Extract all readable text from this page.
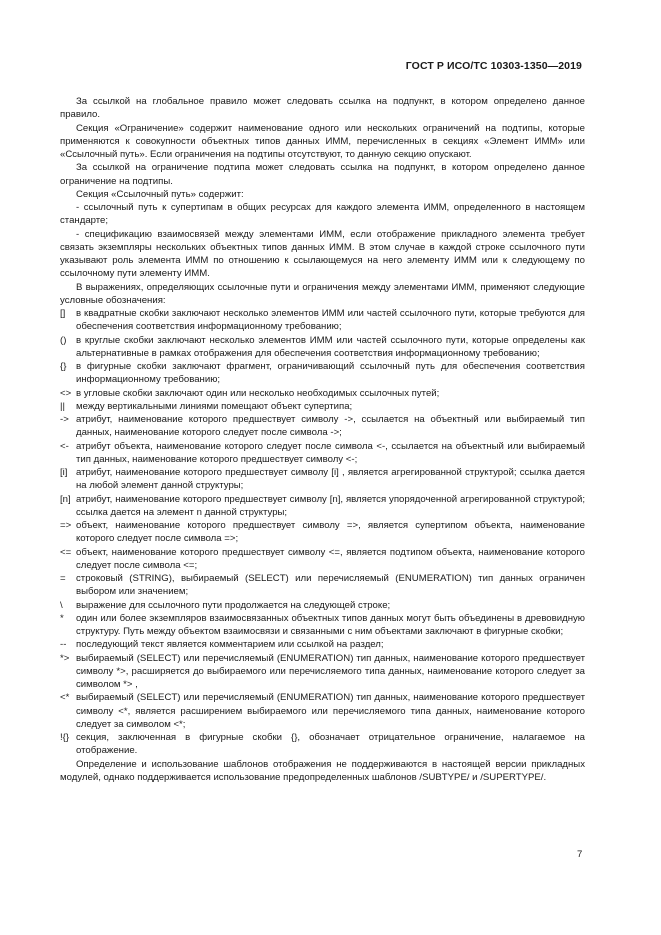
ГОСТ Р ИСО/ТС 10303-1350—2019

За ссылкой на глобальное правило может следовать ссылка на подпункт, в котором определено данное правило.

Секция «Ограничение» содержит наименование одного или нескольких ограничений на подтипы, которые применяются к совокупности объектных типов данных ИММ, перечисленных в секциях «Элемент ИММ» или «Cсылочный путь». Если ограничения на подтипы отсутствуют, то данную секцию опускают.

За ссылкой на ограничение подтипа может следовать ссылка на подпункт, в котором определено данное ограничение на подтипы.

Секция «Ссылочный путь» содержит:

- ссылочный путь к супертипам в общих ресурсах для каждого элемента ИММ, определенного в настоящем стандарте;
- спецификацию взаимосвязей между элементами ИММ, если отображение прикладного элемента требует связать экземпляры нескольких объектных типов данных ИММ. В этом случае в каждой строке ссылочного пути указывают роль элемента ИММ по отношению к ссылающемуся на него элементу ИММ или к следующему по ссылочному пути элементу ИММ.

В выражениях, определяющих ссылочные пути и ограничения между элементами ИММ, применяют следующие условные обозначения:

[]	в квадратные скобки заключают несколько элементов ИММ или частей ссылочного пути, которые требуются для обеспечения соответствия информационному требованию;
()	в круглые скобки заключают несколько элементов ИММ или частей ссылочного пути, которые определены как альтернативные в рамках отображения для обеспечения соответствия информационному требованию;
{} в фигурные скобки заключают фрагмент, ограничивающий ссылочный путь для обеспечения соответствия информационному требованию;
<> в угловые скобки заключают один или несколько необходимых ссылочных путей;
||	между вертикальными линиями помещают объект супертипа;
-> атрибут, наименование которого предшествует символу ->, ссылается на объектный или выбираемый тип данных, наименование которого следует после символа ->;
<- атрибут объекта, наименование которого следует после символа <-, ссылается на объектный или выбираемый тип данных, наименование которого предшествует символу <-;
[i] атрибут, наименование которого предшествует символу [i] , является агрегированной структурой; ссылка дается на любой элемент данной структуры;
[n] атрибут, наименование которого предшествует символу [n], является упорядоченной агрегированной структурой; ссылка дается на элемент n данной структуры;
=> объект, наименование которого предшествует символу =>, является супертипом объекта, наименование которого следует после символа =>;
<= объект, наименование которого предшествует символу <=, является подтипом объекта, наименование которого следует после символа <=;
=	строковый (STRING), выбираемый (SELECT) или перечисляемый (ENUMERATION) тип данных ограничен выбором или значением;
\	выражение для ссылочного пути продолжается на следующей строке;
*	один или более экземпляров взаимосвязанных объектных типов данных могут быть объединены в древовидную структуру. Путь между объектом взаимосвязи и связанными с ним объектами заключают в фигурные скобки;
--	последующий текст является комментарием или ссылкой на раздел;
*> выбираемый (SELECT) или перечисляемый (ENUMERATION) тип данных, наименование которого предшествует символу *>, расширяется до выбираемого или перечисляемого типа данных, наименование которого следует за символом *> ,
<* выбираемый (SELECT) или перечисляемый (ENUMERATION) тип данных, наименование которого предшествует символу <*, является расширением выбираемого или перечисляемого типа данных, наименование которого следует за символом <*;
!{} секция, заключенная в фигурные скобки {}, обозначает отрицательное ограничение, налагаемое на отображение.

Определение и использование шаблонов отображения не поддерживаются в настоящей версии прикладных модулей, однако поддерживается использование предопределенных шаблонов /SUBTYPE/ и /SUPERTYPE/.

7
